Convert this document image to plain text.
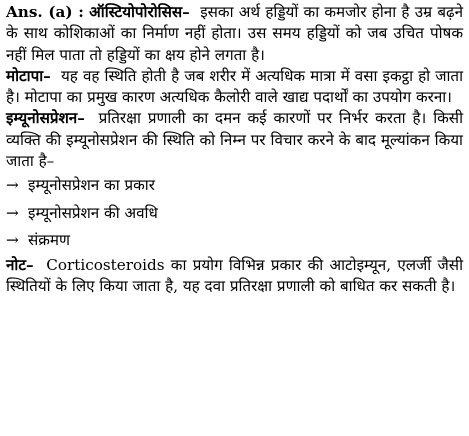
Ans. (a) : ऑस्टियोपोरोसिस– इसका अर्थ हड्डियों का कमजोर होना है उम्र बढ़ने के साथ कोशिकाओं का निर्माण नहीं होता। उस समय हड्डियों को जब उचित पोषक नहीं मिल पाता तो हड्डियों का क्षय होने लगता है।

मोटापा– यह वह स्थिति होती है जब शरीर में अत्यधिक मात्रा में वसा इकट्ठा हो जाता है। मोटापा का प्रमुख कारण अत्यधिक कैलोरी वाले खाद्य पदार्थों का उपयोग करना।

इम्यूनोसप्रेशन– प्रतिरक्षा प्रणाली का दमन कई कारणों पर निर्भर करता है। किसी व्यक्ति की इम्यूनोसप्रेशन की स्थिति को निम्न पर विचार करने के बाद मूल्यांकन किया जाता है–

→ इम्यूनोसप्रेशन का प्रकार

→ इम्यूनोसप्रेशन की अवधि

→ संक्रमण

नोट– Corticosteroids का प्रयोग विभिन्न प्रकार की आटोइम्यून, एलर्जी जैसी स्थितियों के लिए किया जाता है, यह दवा प्रतिरक्षा प्रणाली को बाधित कर सकती है।
